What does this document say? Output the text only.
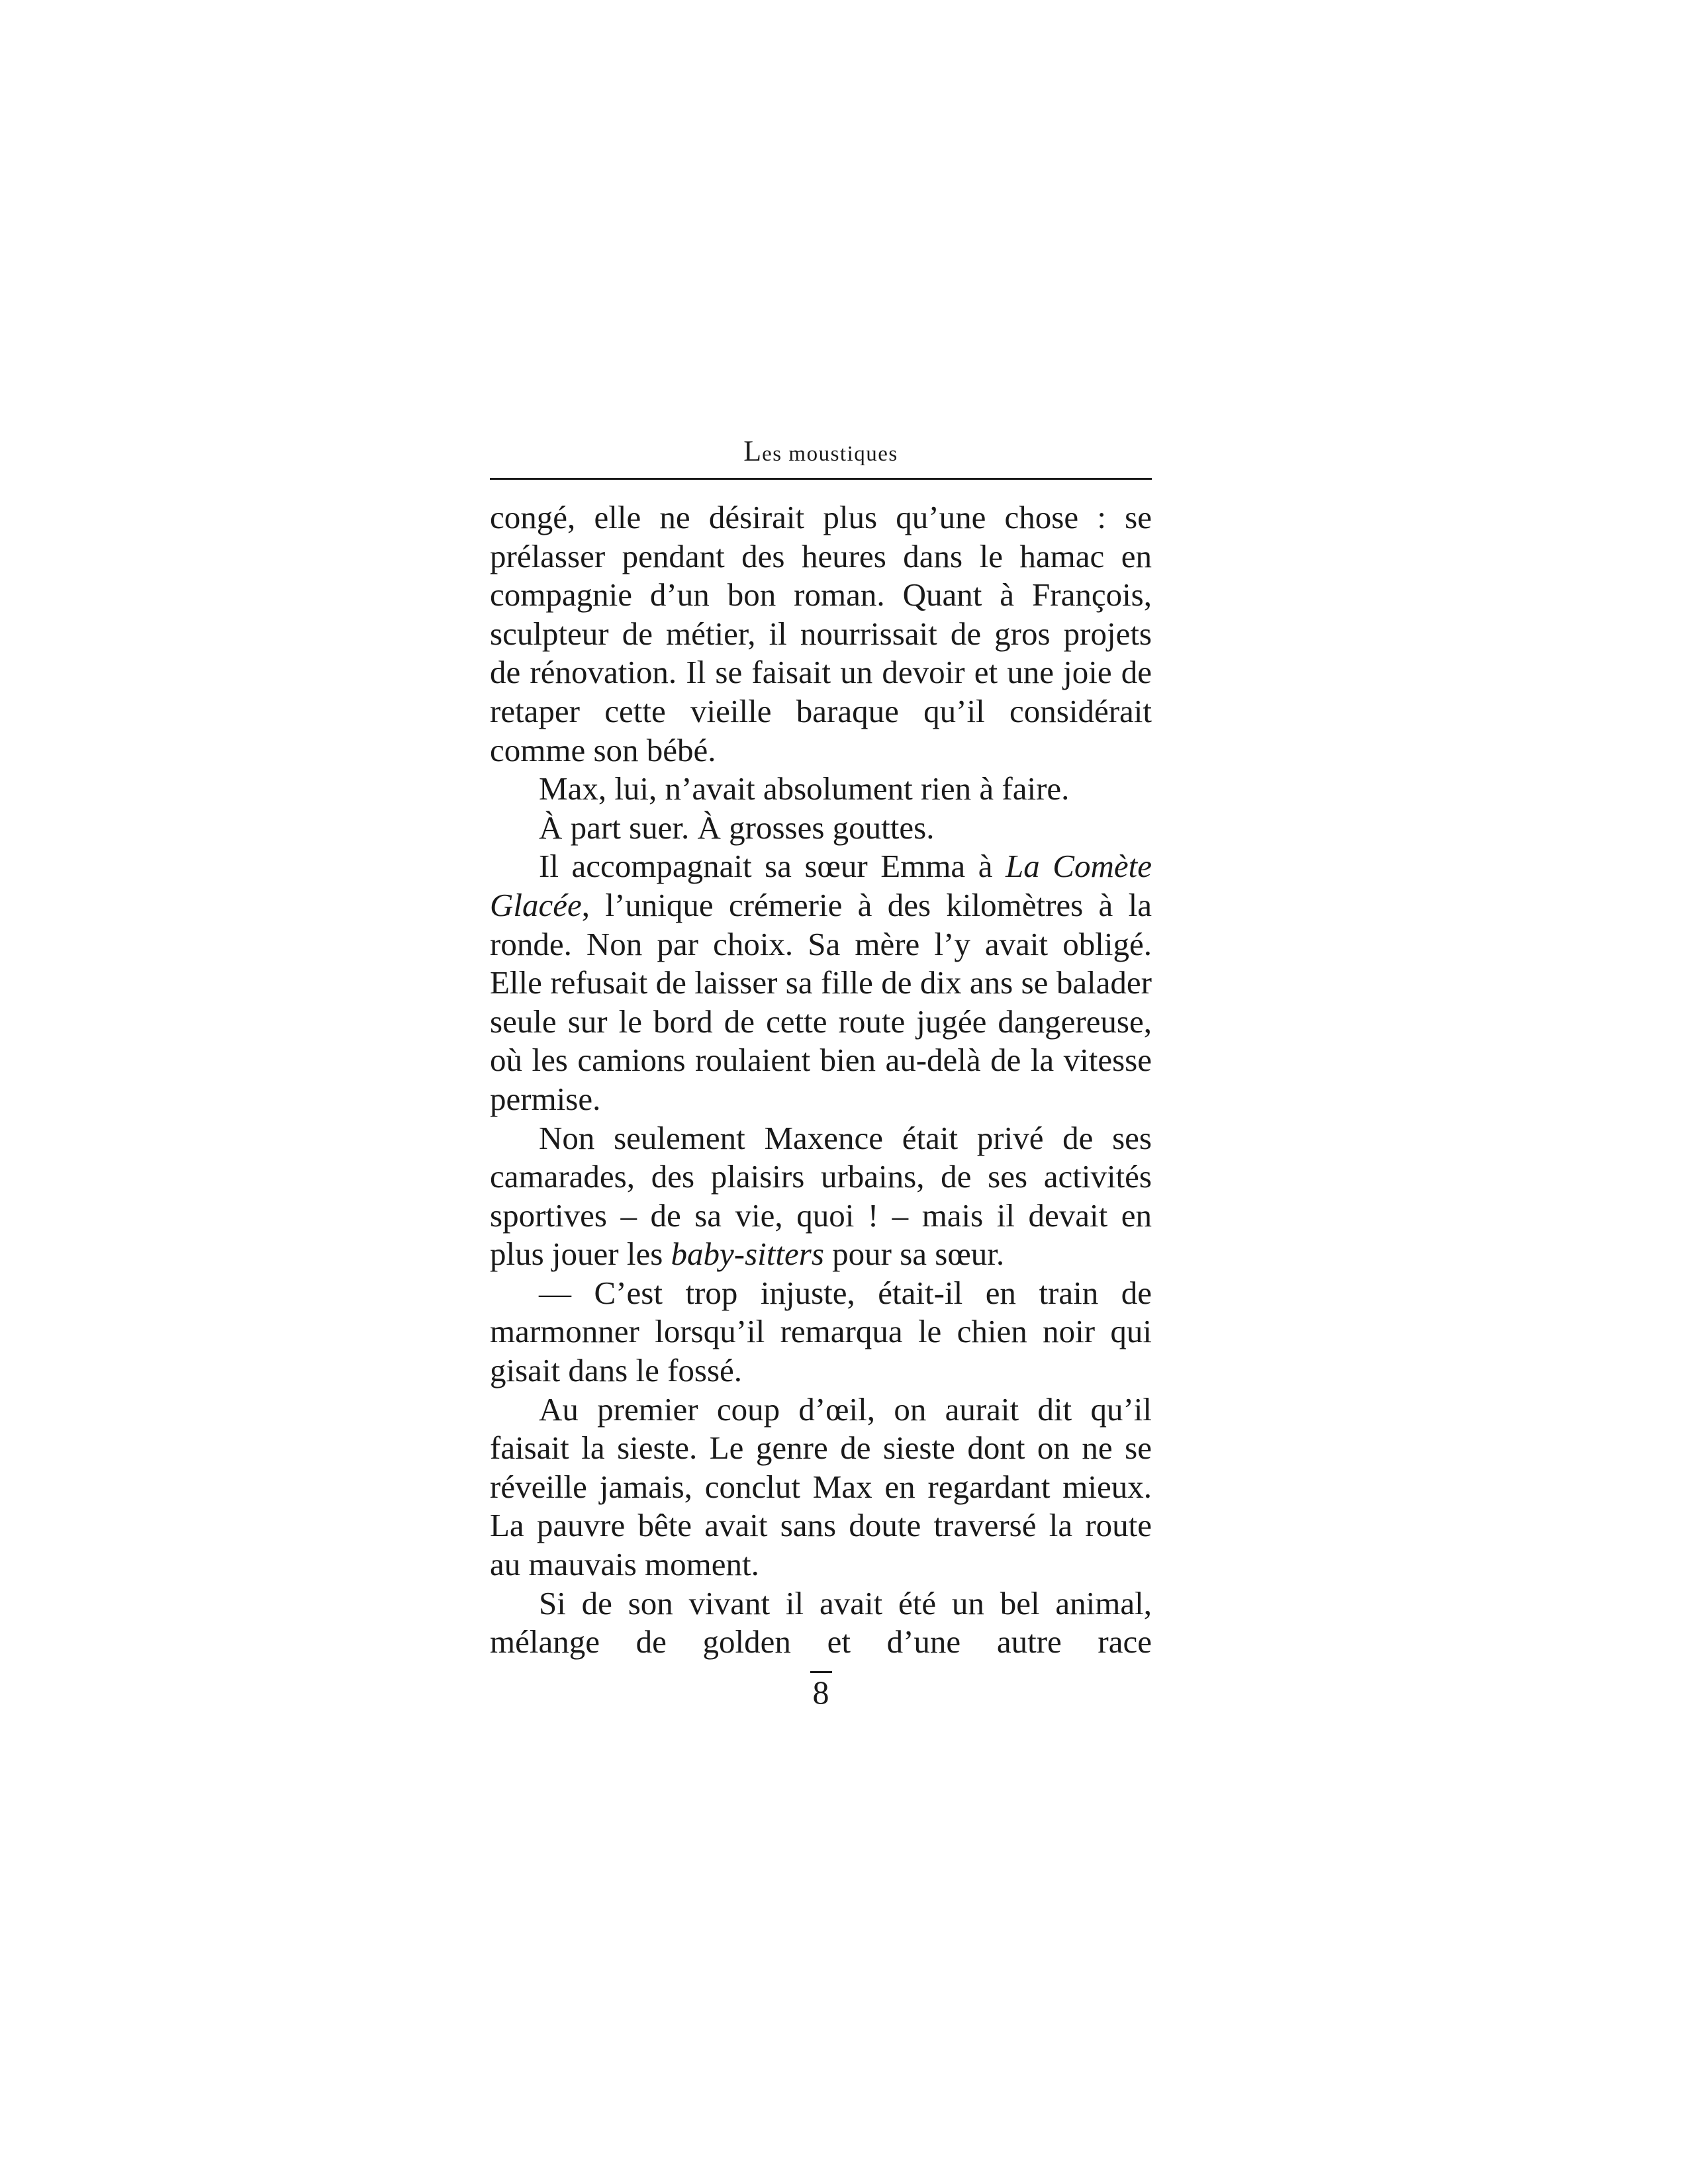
Les moustiques

congé, elle ne désirait plus qu’une chose : se prélasser pendant des heures dans le hamac en compagnie d’un bon roman. Quant à François, sculpteur de métier, il nourrissait de gros projets de rénovation. Il se faisait un devoir et une joie de retaper cette vieille baraque qu’il considérait comme son bébé.

Max, lui, n’avait absolument rien à faire.

À part suer. À grosses gouttes.

Il accompagnait sa sœur Emma à La Comète Glacée, l’unique crémerie à des kilomètres à la ronde. Non par choix. Sa mère l’y avait obligé. Elle refusait de laisser sa fille de dix ans se balader seule sur le bord de cette route jugée dangereuse, où les camions roulaient bien au-delà de la vitesse permise.

Non seulement Maxence était privé de ses camarades, des plaisirs urbains, de ses activités sportives – de sa vie, quoi ! – mais il devait en plus jouer les baby-sitters pour sa sœur.

— C’est trop injuste, était-il en train de marmonner lorsqu’il remarqua le chien noir qui gisait dans le fossé.

Au premier coup d’œil, on aurait dit qu’il faisait la sieste. Le genre de sieste dont on ne se réveille jamais, conclut Max en regardant mieux. La pauvre bête avait sans doute traversé la route au mauvais moment.

Si de son vivant il avait été un bel animal, mélange de golden et d’une autre race

8
